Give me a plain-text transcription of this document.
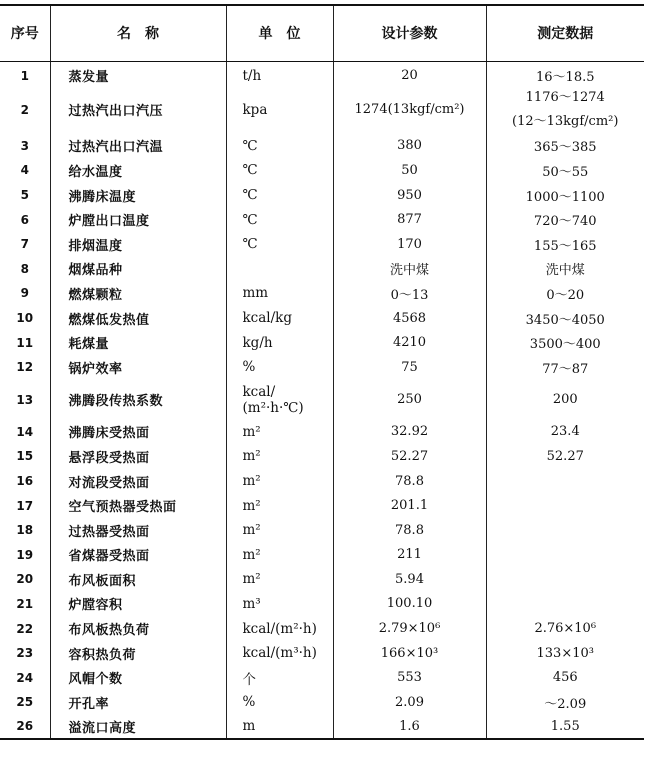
序号	名　称	单　位	设计参数	测定数据
1	蒸发量	t/h	20	16～18.5
2	过热汽出口汽压	kpa	1274(13kgf/cm²)	1176～1274
(12～13kgf/cm²)

3	过热汽出口汽温	℃	380	365～385
4	给水温度	℃	50	50～55
5	沸腾床温度	℃	950	1000～1100
6	炉膛出口温度	℃	877	720～740
7	排烟温度	℃	170	155～165
8	烟煤品种		洗中煤	洗中煤
9	燃煤颗粒	mm	0～13	0～20
10	燃煤低发热值	kcal/kg	4568	3450～4050
11	耗煤量	kg/h	4210	3500～400
12	锅炉效率	%	75	77～87
13	沸腾段传热系数	kcal/
(m²·h·℃)	250	200
14	沸腾床受热面	m²	32.92	23.4
15	悬浮段受热面	m²	52.27	52.27
16	对流段受热面	m²	78.8	
17	空气预热器受热面	m²	201.1	
18	过热器受热面	m²	78.8	
19	省煤器受热面	m²	211	
20	布风板面积	m²	5.94	
21	炉膛容积	m³	100.10	
22	布风板热负荷	kcal/(m²·h)	2.79×10⁶	2.76×10⁶
23	容积热负荷	kcal/(m³·h)	166×10³	133×10³
24	风帽个数	个	553	456
25	开孔率	%	2.09	～2.09
26	溢流口高度	m	1.6	1.55
